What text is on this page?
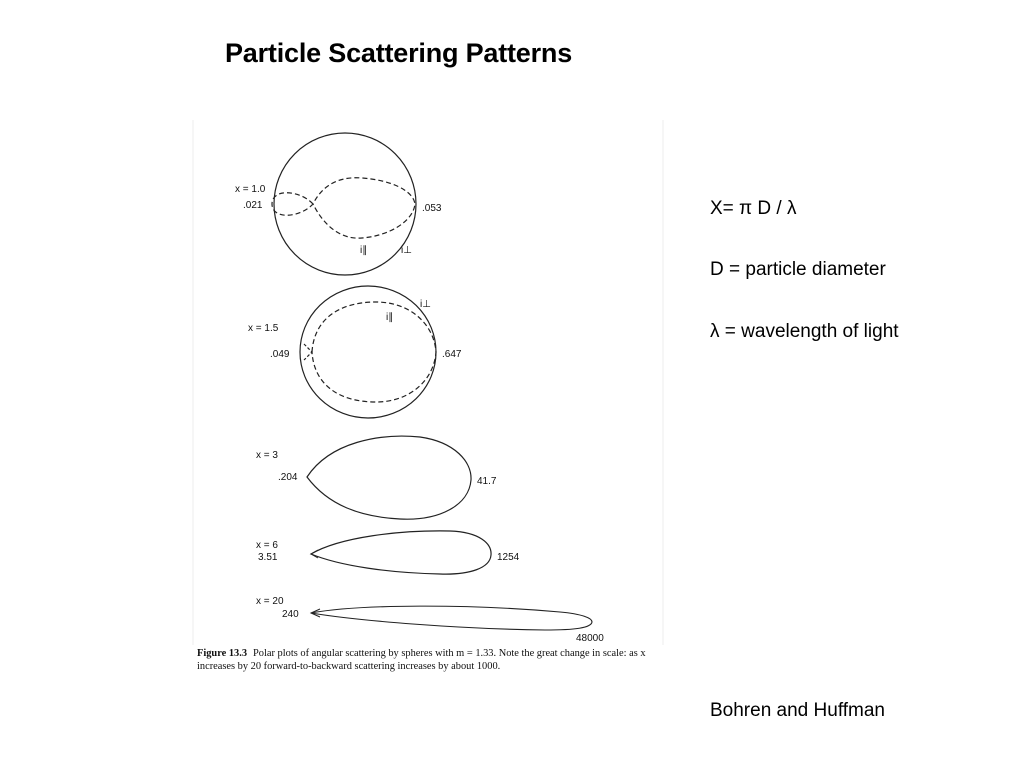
Particle Scattering Patterns
x = 1.0
.021	.053
i∥	i⊥
x = 1.5
.049	.647
i∥
i⊥
x = 3
.204	41.7
x = 6
3.51	1254
x = 20
240
48000
Figure 13.3 Polar plots of angular scattering by spheres with m = 1.33. Note the great change in scale: as x increases by 20 forward-to-backward scattering increases by about 1000.
X= π D / λ
D = particle diameter
λ = wavelength of light
Bohren and Huffman
